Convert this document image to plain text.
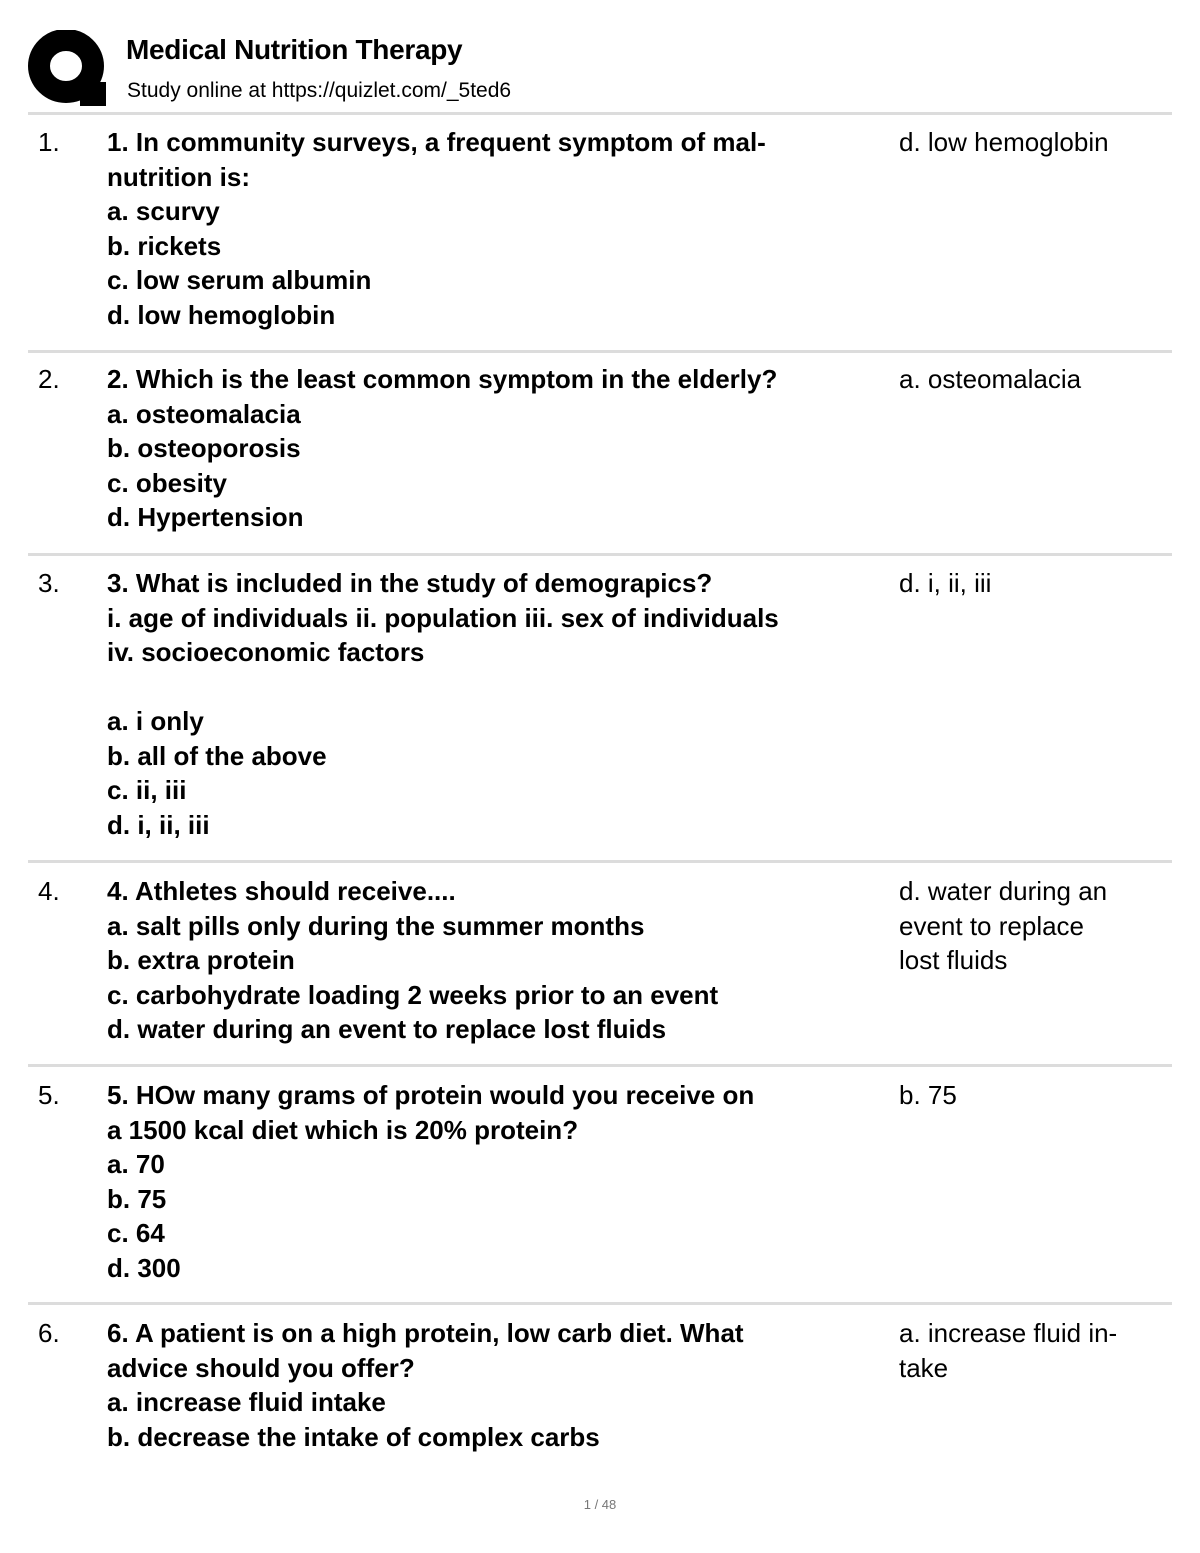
Medical Nutrition Therapy
Study online at https://quizlet.com/_5ted6
1. 1. In community surveys, a frequent symptom of mal-
nutrition is:
a. scurvy
b. rickets
c. low serum albumin
d. low hemoglobin
d. low hemoglobin
2. 2. Which is the least common symptom in the elderly?
a. osteomalacia
b. osteoporosis
c. obesity
d. Hypertension
a. osteomalacia
3. 3. What is included in the study of demograpics?
i. age of individuals ii. population iii. sex of individuals
iv. socioeconomic factors
a. i only
b. all of the above
c. ii, iii
d. i, ii, iii
d. i, ii, iii
4. 4. Athletes should receive....
a. salt pills only during the summer months
b. extra protein
c. carbohydrate loading 2 weeks prior to an event
d. water during an event to replace lost fluids
d. water during an
event to replace
lost fluids
5. 5. HOw many grams of protein would you receive on
a 1500 kcal diet which is 20% protein?
a. 70
b. 75
c. 64
d. 300
b. 75
6. 6. A patient is on a high protein, low carb diet. What
advice should you offer?
a. increase fluid intake
b. decrease the intake of complex carbs
a. increase fluid in-
take
1 / 48
